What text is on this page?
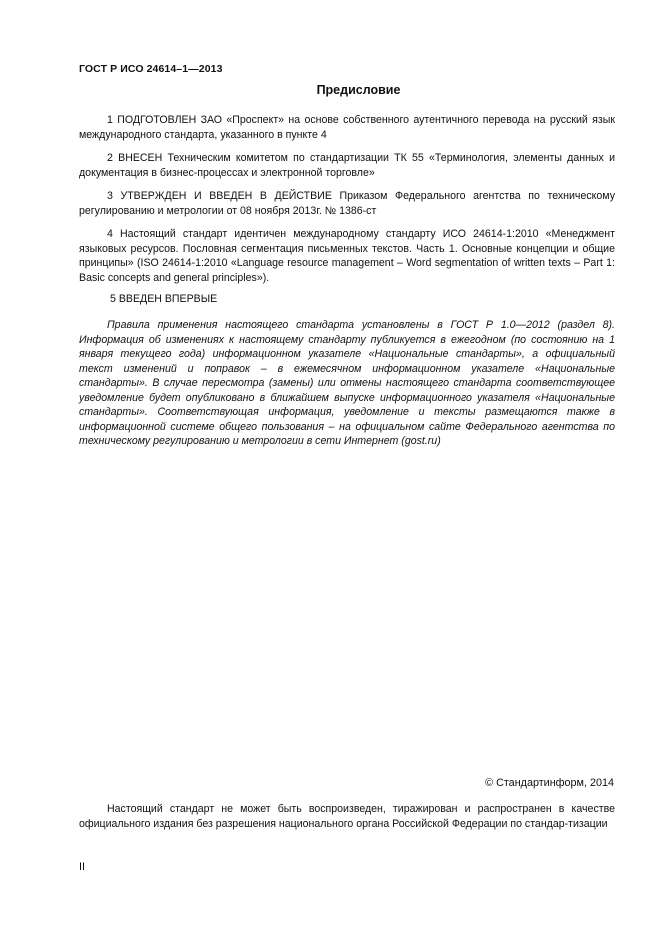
ГОСТ Р ИСО 24614–1—2013
Предисловие

1 ПОДГОТОВЛЕН ЗАО «Проспект» на основе собственного аутентичного перевода на русский язык международного стандарта, указанного в пункте 4

2 ВНЕСЕН Техническим комитетом по стандартизации ТК 55 «Терминология, элементы данных и документация в бизнес-процессах и электронной торговле»

3 УТВЕРЖДЕН И ВВЕДЕН В ДЕЙСТВИЕ Приказом Федерального агентства по техническому регулированию и метрологии от 08 ноября 2013г. № 1386-ст

4 Настоящий стандарт идентичен международному стандарту ИСО 24614-1:2010 «Менеджмент языковых ресурсов. Пословная сегментация письменных текстов. Часть 1. Основные концепции и общие принципы» (ISO 24614-1:2010 «Language resource management – Word segmentation of written texts – Part 1: Basic concepts and general principles»).

5 ВВЕДЕН ВПЕРВЫЕ

Правила применения настоящего стандарта установлены в ГОСТ Р 1.0—2012 (раздел 8). Информация об изменениях к настоящему стандарту публикуется в ежегодном (по состоянию на 1 января текущего года) информационном указателе «Национальные стандарты», а официальный текст изменений и поправок – в ежемесячном информационном указателе «Национальные стандарты». В случае пересмотра (замены) или отмены настоящего стандарта соответствующее уведомление будет опубликовано в ближайшем выпуске информационного указателя «Национальные стандарты». Соответствующая информация, уведомление и тексты размещаются также в информационной системе общего пользования – на официальном сайте Федерального агентства по техническому регулированию и метрологии в сети Интернет (gost.ru)

© Стандартинформ, 2014

Настоящий стандарт не может быть воспроизведен, тиражирован и распространен в качестве официального издания без разрешения национального органа Российской Федерации по стандар-тизации

II
